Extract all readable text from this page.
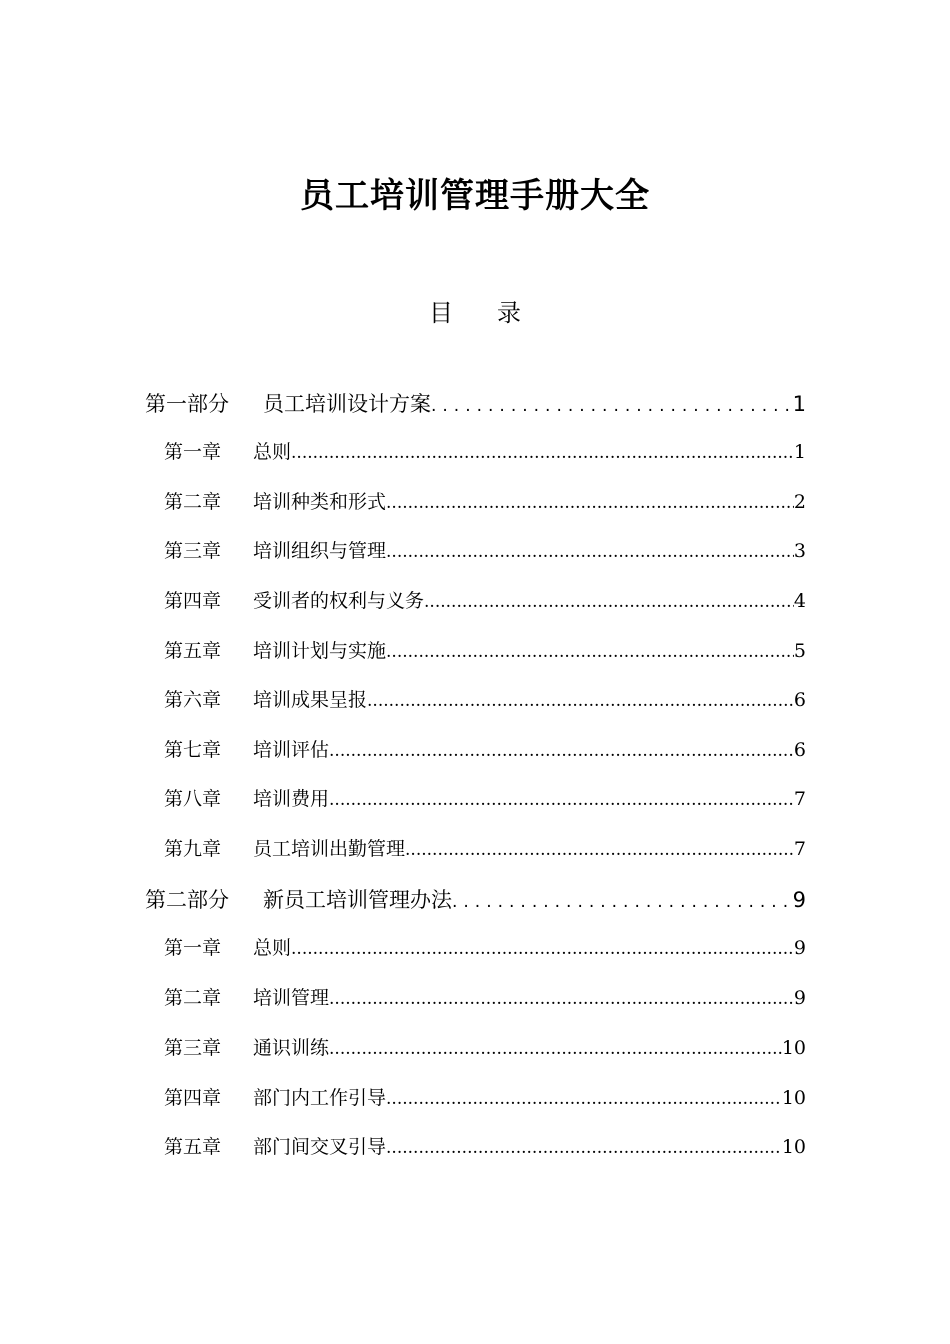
员工培训管理手册大全
目录
第一部分	员工培训设计方案 .....	1
第一章	总则 .....	1
第二章	培训种类和形式 .....	2
第三章	培训组织与管理 .....	3
第四章	受训者的权利与义务 .....	4
第五章	培训计划与实施 .....	5
第六章	培训成果呈报 .....	6
第七章	培训评估 .....	6
第八章	培训费用 .....	7
第九章	员工培训出勤管理 .....	7
第二部分	新员工培训管理办法 .....	9
第一章	总则 .....	9
第二章	培训管理 .....	9
第三章	通识训练 .....	10
第四章	部门内工作引导 .....	10
第五章	部门间交叉引导 .....	10
